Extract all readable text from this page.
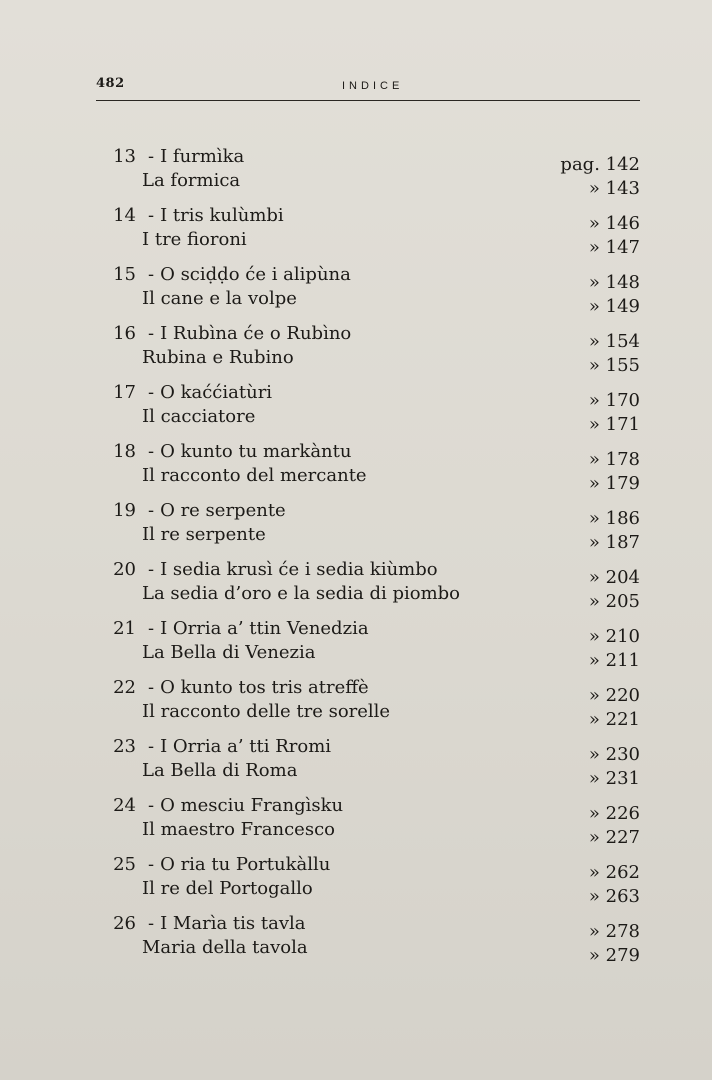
482	INDICE
13 - I furmìka
La formica
pag. 142
» 143
14 - I tris kulùmbi
I tre fioroni
» 146
» 147
15 - O sciḍḍo će i alipùna
Il cane e la volpe
» 148
» 149
16 - I Rubìna će o Rubìno
Rubina e Rubino
» 154
» 155
17 - O kaććiatùri
Il cacciatore
» 170
» 171
18 - O kunto tu markàntu
Il racconto del mercante
» 178
» 179
19 - O re serpente
Il re serpente
» 186
» 187
20 - I sedia krusì će i sedia kiùmbo
La sedia d’oro e la sedia di piombo
» 204
» 205
21 - I Orria a’ ttin Venedzia
La Bella di Venezia
» 210
» 211
22 - O kunto tos tris atreffè
Il racconto delle tre sorelle
» 220
» 221
23 - I Orria a’ tti Rromi
La Bella di Roma
» 230
» 231
24 - O mesciu Frangìsku
Il maestro Francesco
» 226
» 227
25 - O ria tu Portukàllu
Il re del Portogallo
» 262
» 263
26 - I Marìa tis tavla
Maria della tavola
» 278
» 279
